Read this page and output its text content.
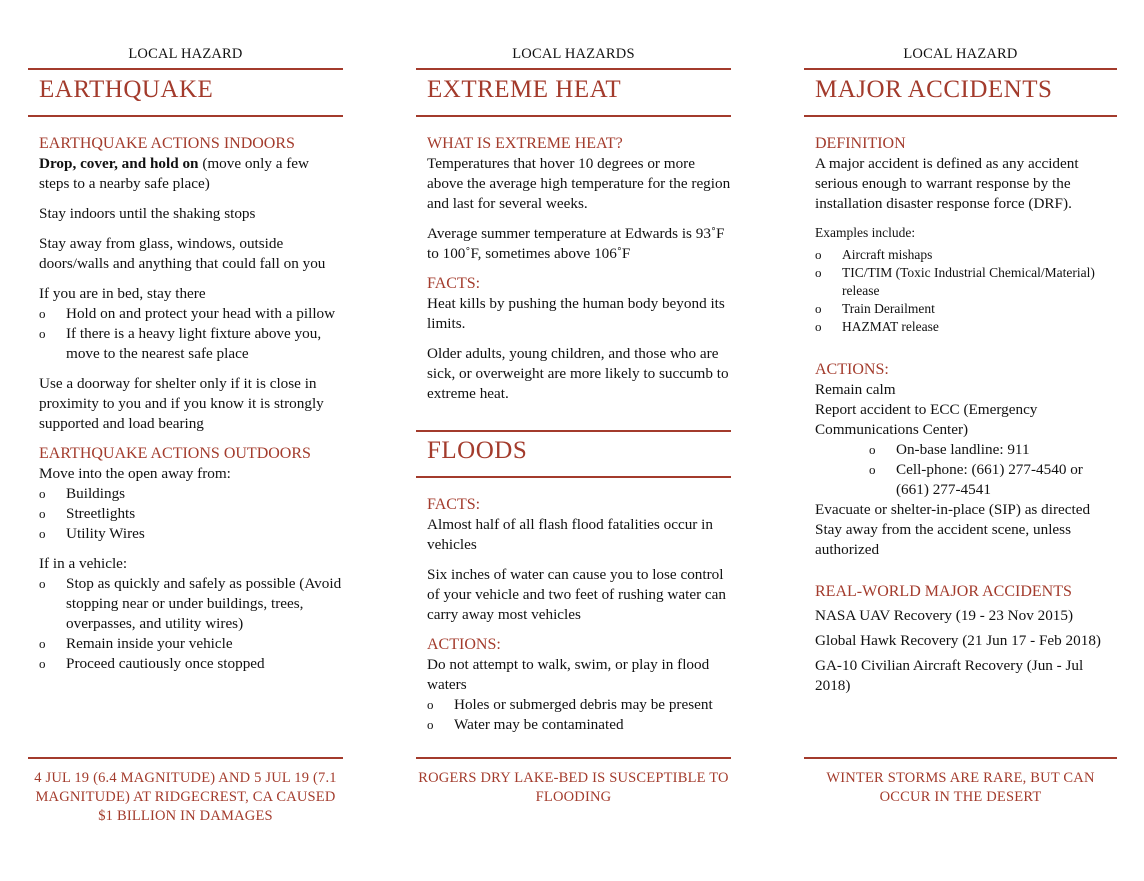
LOCAL HAZARD
EARTHQUAKE
EARTHQUAKE ACTIONS INDOORS

Drop, cover, and hold on (move only a few steps to a nearby safe place)

Stay indoors until the shaking stops

Stay away from glass, windows, outside doors/walls and anything that could fall on you

If you are in bed, stay there

o Hold on and protect your head with a pillow
o If there is a heavy light fixture above you, move to the nearest safe place

Use a doorway for shelter only if it is close in proximity to you and if you know it is strongly supported and load bearing

EARTHQUAKE ACTIONS OUTDOORS

Move into the open away from:

o Buildings
o Streetlights
o Utility Wires

If in a vehicle:

o Stop as quickly and safely as possible (Avoid stopping near or under buildings, trees, overpasses, and utility wires)
o Remain inside your vehicle
o Proceed cautiously once stopped
4 JUL 19 (6.4 MAGNITUDE) AND 5 JUL 19 (7.1 MAGNITUDE) AT RIDGECREST, CA CAUSED $1 BILLION IN DAMAGES
LOCAL HAZARDS
EXTREME HEAT
WHAT IS EXTREME HEAT?

Temperatures that hover 10 degrees or more above the average high temperature for the region and last for several weeks.

Average summer temperature at Edwards is 93˚F to 100˚F, sometimes above 106˚F

FACTS:

Heat kills by pushing the human body beyond its limits.

Older adults, young children, and those who are sick, or overweight are more likely to succumb to extreme heat.

FLOODS
FACTS:

Almost half of all flash flood fatalities occur in vehicles

Six inches of water can cause you to lose control of your vehicle and two feet of rushing water can carry away most vehicles

ACTIONS:

Do not attempt to walk, swim, or play in flood waters

o Holes or submerged debris may be present
o Water may be contaminated
ROGERS DRY LAKE-BED IS SUSCEPTIBLE TO FLOODING
LOCAL HAZARD
MAJOR ACCIDENTS
DEFINITION

A major accident is defined as any accident serious enough to warrant response by the installation disaster response force (DRF).

Examples include:

o Aircraft mishaps
o TIC/TIM (Toxic Industrial Chemical/Material) release
o Train Derailment
o HAZMAT release
ACTIONS:

Remain calm

Report accident to ECC (Emergency Communications Center)

o On-base landline: 911
o Cell-phone: (661) 277-4540 or (661) 277-4541

Evacuate or shelter-in-place (SIP) as directed

Stay away from the accident scene, unless authorized

REAL-WORLD MAJOR ACCIDENTS

NASA UAV Recovery (19 - 23 Nov 2015)

Global Hawk Recovery (21 Jun 17 - Feb 2018)

GA-10 Civilian Aircraft Recovery (Jun - Jul 2018)

WINTER STORMS ARE RARE, BUT CAN OCCUR IN THE DESERT
